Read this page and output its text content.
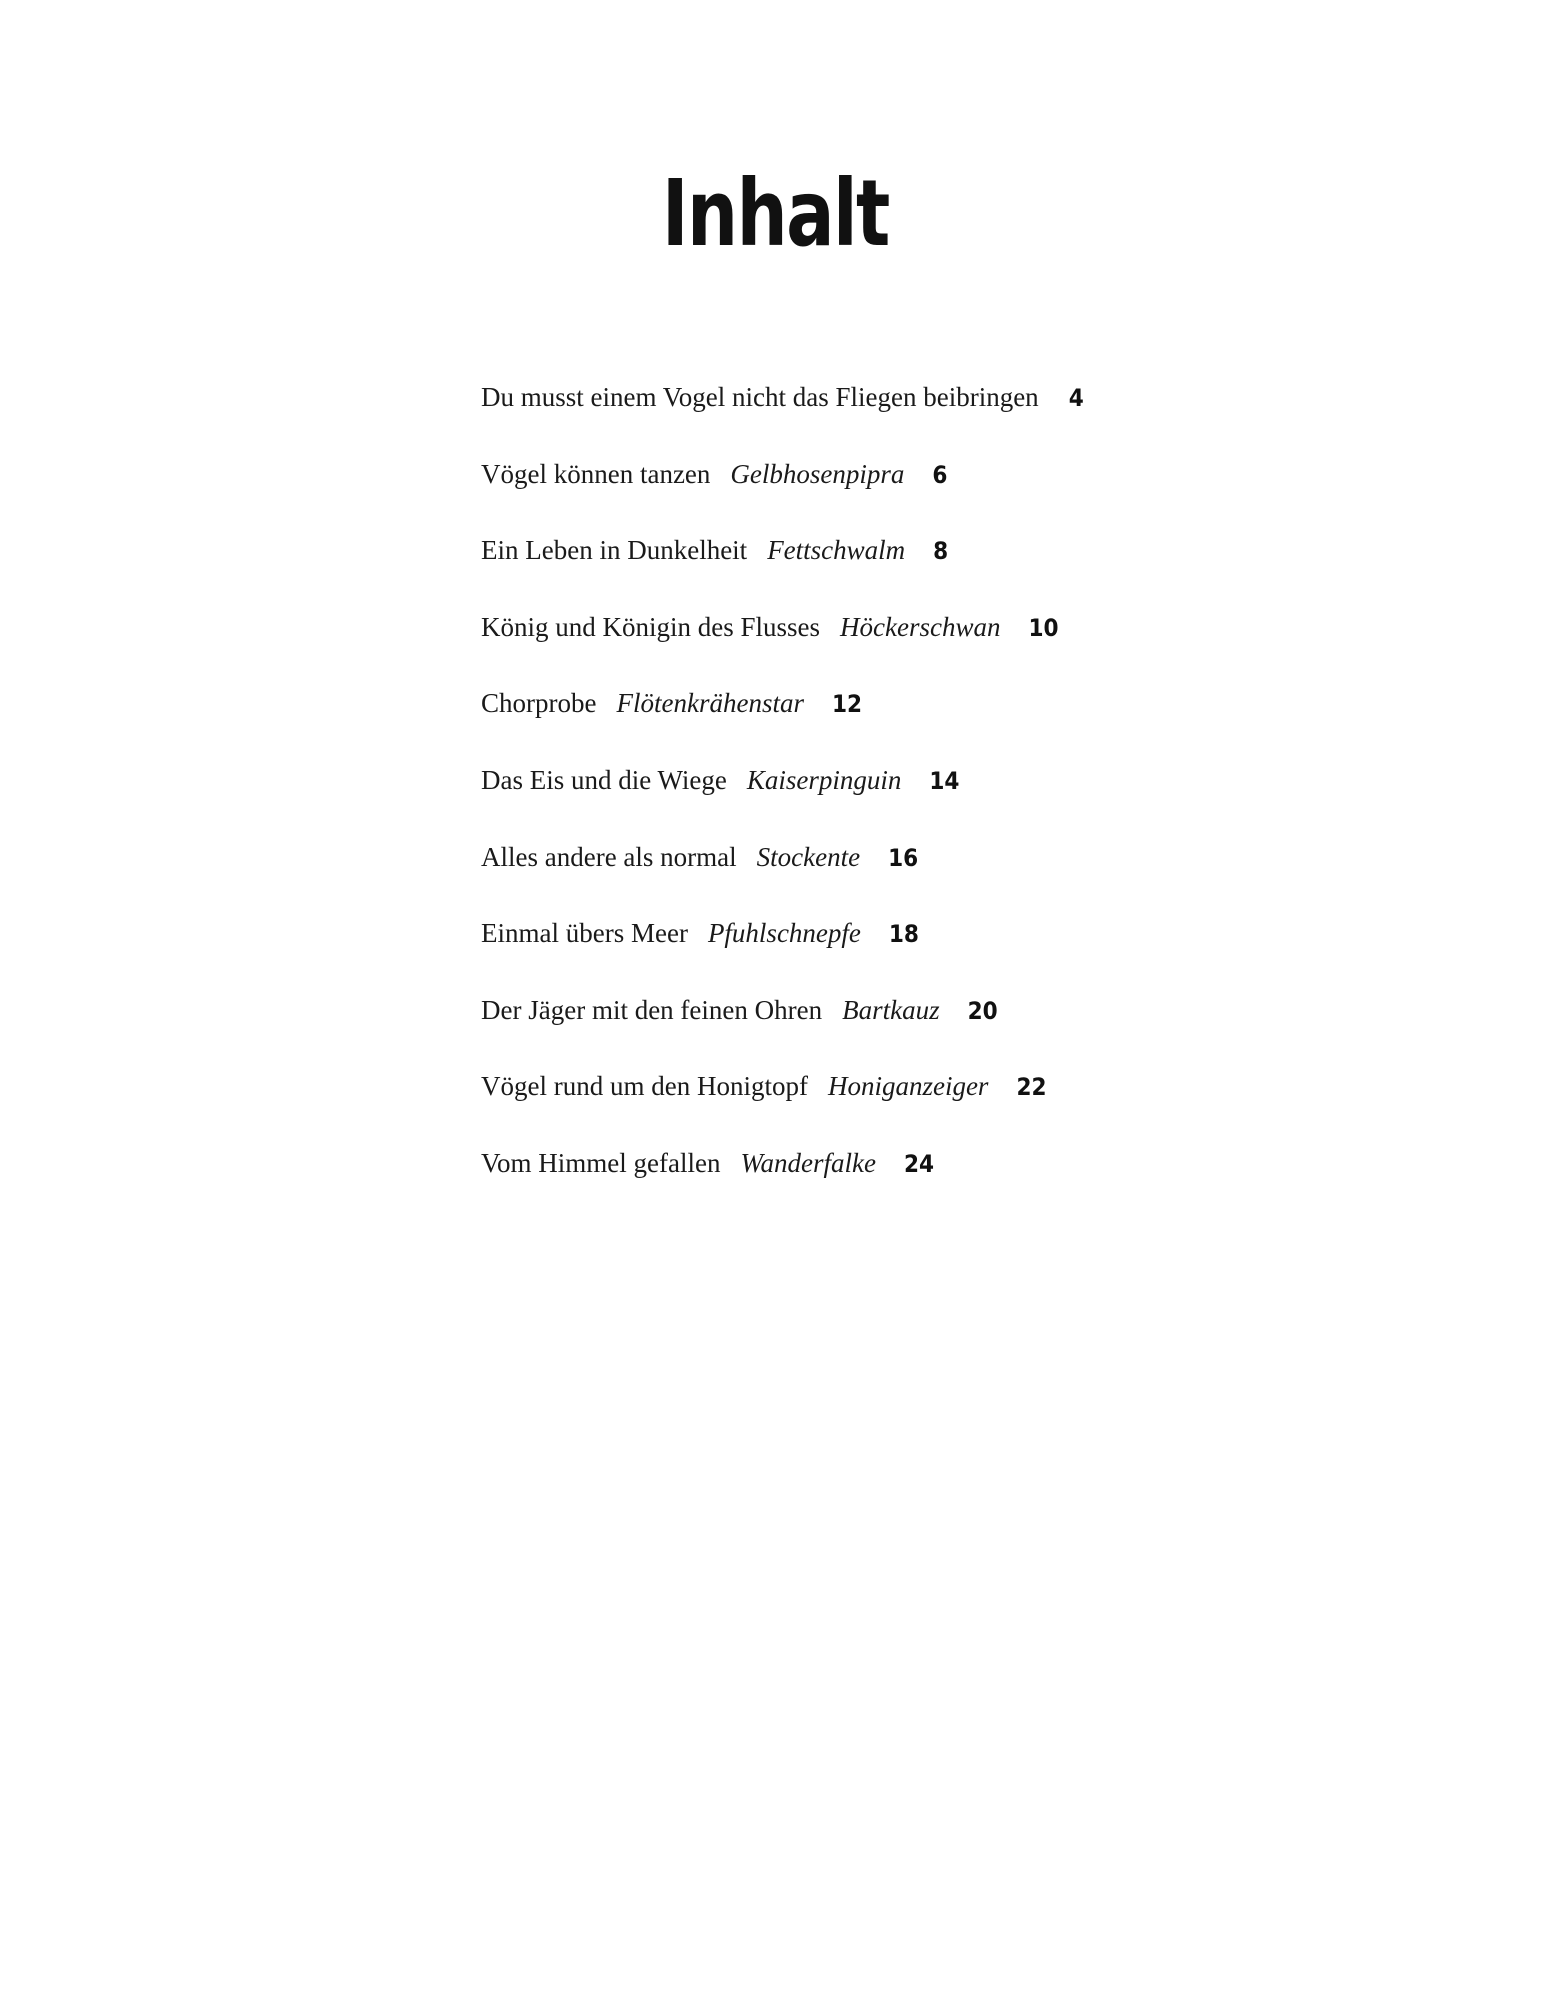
Inhalt
Du musst einem Vogel nicht das Fliegen beibringen 4
Vögel können tanzen Gelbhosenpipra 6
Ein Leben in Dunkelheit Fettschwalm 8
König und Königin des Flusses Höckerschwan 10
Chorprobe Flötenkrähenstar 12
Das Eis und die Wiege Kaiserpinguin 14
Alles andere als normal Stockente 16
Einmal übers Meer Pfuhlschnepfe 18
Der Jäger mit den feinen Ohren Bartkauz 20
Vögel rund um den Honigtopf Honiganzeiger 22
Vom Himmel gefallen Wanderfalke 24
